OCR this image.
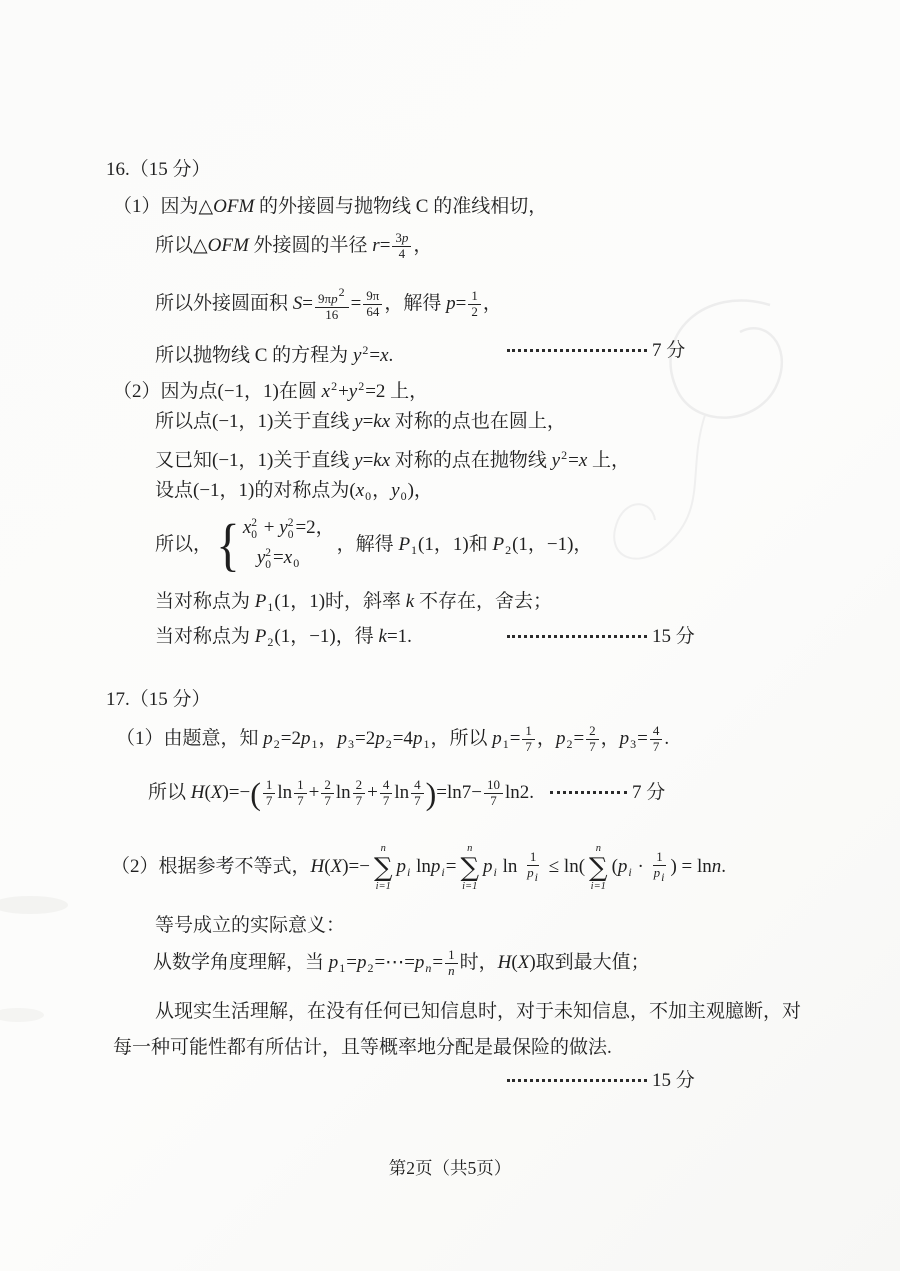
16.（15 分）
（1）因为△OFM 的外接圆与抛物线 C 的准线相切，
所以△OFM 外接圆的半径 $r= \frac{3p}{4}$ ，
所以外接圆面积 $S= \frac{9\pi p2}{16} = \frac{9\pi}{64}$ ，解得 $p= \frac{1}{2}$ ，
所以抛物线 C 的方程为 $y^2=x$.	7 分
（2）因为点(−1，1)在圆 $x^2+y^2=2$ 上，
所以点(−1，1)关于直线 y=kx 对称的点也在圆上，
又已知(−1，1)关于直线 y=kx 对称的点在抛物线 $y^2=x$ 上，
设点(−1，1)的对称点为($x_0$，$y_0$)，
所以， { x 2
0 + y 2
0 =2，
y 2
$0 =x_0$
，解得 $P_1(1$，1)和 $P_2(1$，−1)，
当对称点为 $P_1(1$，1)时，斜率 k 不存在，舍去；
当对称点为 $P_2(1$，−1)，得 k=1.	15 分
17.（15 分）
（1）由题意，知 $p_2=2p_1$，$p_3=2p_2=4p_1$，所以 $p_1= \frac{1}{7}$ ，$p_2= \frac{2}{7}$ ，$p_3= \frac{4}{7}$ .
所以 $H(X)=-( \frac{1}{7}$ $\ln \frac{1}{7} + \frac{2}{7}$ $\ln \frac{2}{7} + \frac{4}{7}$ $\ln \frac{4}{7} )=\ln 7- \frac{10}{7} \ln 2$.	7 分
（2）根据参考不等式，H(X)=−
n
∑
i=1
$p_i$ lnp$_i$=
n
∑
i=1
$p_i$ $\ln \frac{1}{pi} \le \ln$(
n
∑
i=1
($p_i \cdot \frac{1}{pi}$ ) = lnn.
等号成立的实际意义：
从数学角度理解，当 $p_1=p_2=\cdots=p_n= \frac{1}{n}$ 时，H(X)取到最大值；
从现实生活理解，在没有任何已知信息时，对于未知信息，不加主观臆断，对
每一种可能性都有所估计，且等概率地分配是最保险的做法.
15 分
第2页（共5页）
